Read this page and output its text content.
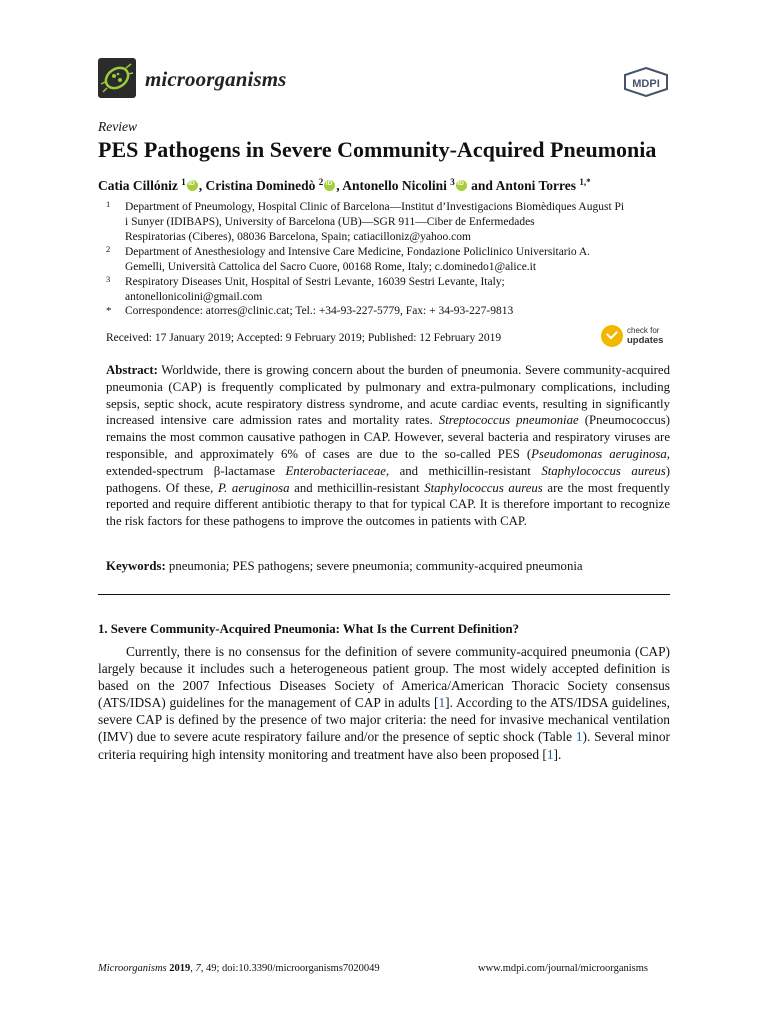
microorganisms	MDPI
Review
PES Pathogens in Severe Community-Acquired Pneumonia
Catia Cillóniz $^1$ iD , Cristina Dominedò $^2$ iD , Antonello Nicolini $^3$iD and Antoni Torres $^{1,*}$
1 Department of Pneumology, Hospital Clinic of Barcelona—Institut d’Investigacions Biomèdiques August Pi
i Sunyer (IDIBAPS), University of Barcelona (UB)—SGR 911—Ciber de Enfermedades
Respiratorias (Ciberes), 08036 Barcelona, Spain; catiacilloniz@yahoo.com
2 Department of Anesthesiology and Intensive Care Medicine, Fondazione Policlinico Universitario A.
Gemelli, Università Cattolica del Sacro Cuore, 00168 Rome, Italy; c.dominedo1@alice.it
3 Respiratory Diseases Unit, Hospital of Sestri Levante, 16039 Sestri Levante, Italy;
antonellonicolini@gmail.com
* Correspondence: atorres@clinic.cat; Tel.: +34-93-227-5779, Fax: + 34-93-227-9813
Received: 17 January 2019; Accepted: 9 February 2019; Published: 12 February 2019
check for
updates
Abstract: Worldwide, there is growing concern about the burden of pneumonia. Severe community-acquired pneumonia (CAP) is frequently complicated by pulmonary and extra-pulmonary complications, including sepsis, septic shock, acute respiratory distress syndrome, and acute cardiac events, resulting in significantly increased intensive care admission rates and mortality rates. Streptococcus pneumoniae (Pneumococcus) remains the most common causative pathogen in CAP. However, several bacteria and respiratory viruses are responsible, and approximately 6% of cases are due to the so-called PES (Pseudomonas aeruginosa, extended-spectrum β-lactamase Enterobacteriaceae, and methicillin-resistant Staphylococcus aureus) pathogens. Of these, P. aeruginosa and methicillin-resistant Staphylococcus aureus are the most frequently reported and require different antibiotic therapy to that for typical CAP. It is therefore important to recognize the risk factors for these pathogens to improve the outcomes in patients with CAP.
Keywords: pneumonia; PES pathogens; severe pneumonia; community-acquired pneumonia
1. Severe Community-Acquired Pneumonia: What Is the Current Definition?
Currently, there is no consensus for the definition of severe community-acquired pneumonia (CAP) largely because it includes such a heterogeneous patient group. The most widely accepted definition is based on the 2007 Infectious Diseases Society of America/American Thoracic Society consensus (ATS/IDSA) guidelines for the management of CAP in adults [1]. According to the ATS/IDSA guidelines, severe CAP is defined by the presence of two major criteria: the need for invasive mechanical ventilation (IMV) due to severe acute respiratory failure and/or the presence of septic shock (Table 1). Several minor criteria requiring high intensity monitoring and treatment have also been proposed [1].
Microorganisms 2019, 7, 49; doi:10.3390/microorganisms7020049	www.mdpi.com/journal/microorganisms
